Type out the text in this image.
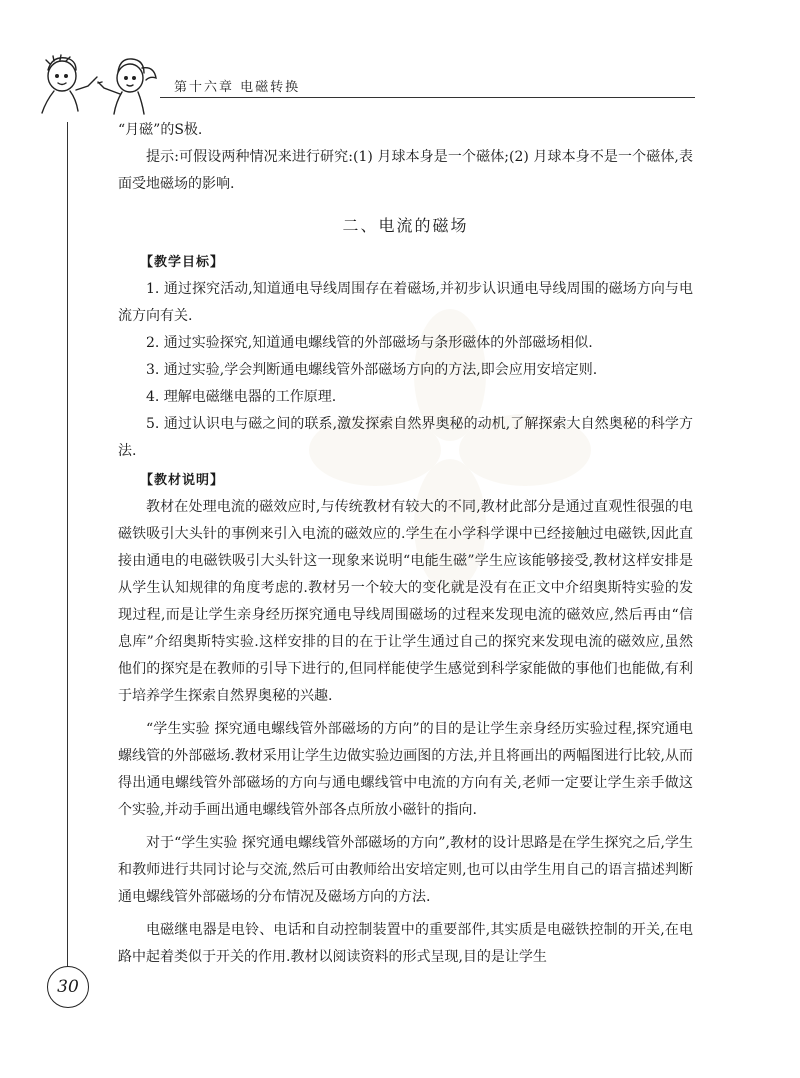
第十六章 电磁转换

“月磁”的S极.

提示:可假设两种情况来进行研究:(1) 月球本身是一个磁体;(2) 月球本身不是一个磁体,表面受地磁场的影响.

二、电流的磁场

【教学目标】

1. 通过探究活动,知道通电导线周围存在着磁场,并初步认识通电导线周围的磁场方向与电流方向有关.

2. 通过实验探究,知道通电螺线管的外部磁场与条形磁体的外部磁场相似.

3. 通过实验,学会判断通电螺线管外部磁场方向的方法,即会应用安培定则.

4. 理解电磁继电器的工作原理.

5. 通过认识电与磁之间的联系,激发探索自然界奥秘的动机,了解探索大自然奥秘的科学方法.

【教材说明】

教材在处理电流的磁效应时,与传统教材有较大的不同,教材此部分是通过直观性很强的电磁铁吸引大头针的事例来引入电流的磁效应的.学生在小学科学课中已经接触过电磁铁,因此直接由通电的电磁铁吸引大头针这一现象来说明“电能生磁”学生应该能够接受,教材这样安排是从学生认知规律的角度考虑的.教材另一个较大的变化就是没有在正文中介绍奥斯特实验的发现过程,而是让学生亲身经历探究通电导线周围磁场的过程来发现电流的磁效应,然后再由“信息库”介绍奥斯特实验.这样安排的目的在于让学生通过自己的探究来发现电流的磁效应,虽然他们的探究是在教师的引导下进行的,但同样能使学生感觉到科学家能做的事他们也能做,有利于培养学生探索自然界奥秘的兴趣.

“学生实验 探究通电螺线管外部磁场的方向”的目的是让学生亲身经历实验过程,探究通电螺线管的外部磁场.教材采用让学生边做实验边画图的方法,并且将画出的两幅图进行比较,从而得出通电螺线管外部磁场的方向与通电螺线管中电流的方向有关,老师一定要让学生亲手做这个实验,并动手画出通电螺线管外部各点所放小磁针的指向.

对于“学生实验 探究通电螺线管外部磁场的方向”,教材的设计思路是在学生探究之后,学生和教师进行共同讨论与交流,然后可由教师给出安培定则,也可以由学生用自己的语言描述判断通电螺线管外部磁场的分布情况及磁场方向的方法.

电磁继电器是电铃、电话和自动控制装置中的重要部件,其实质是电磁铁控制的开关,在电路中起着类似于开关的作用.教材以阅读资料的形式呈现,目的是让学生

30
